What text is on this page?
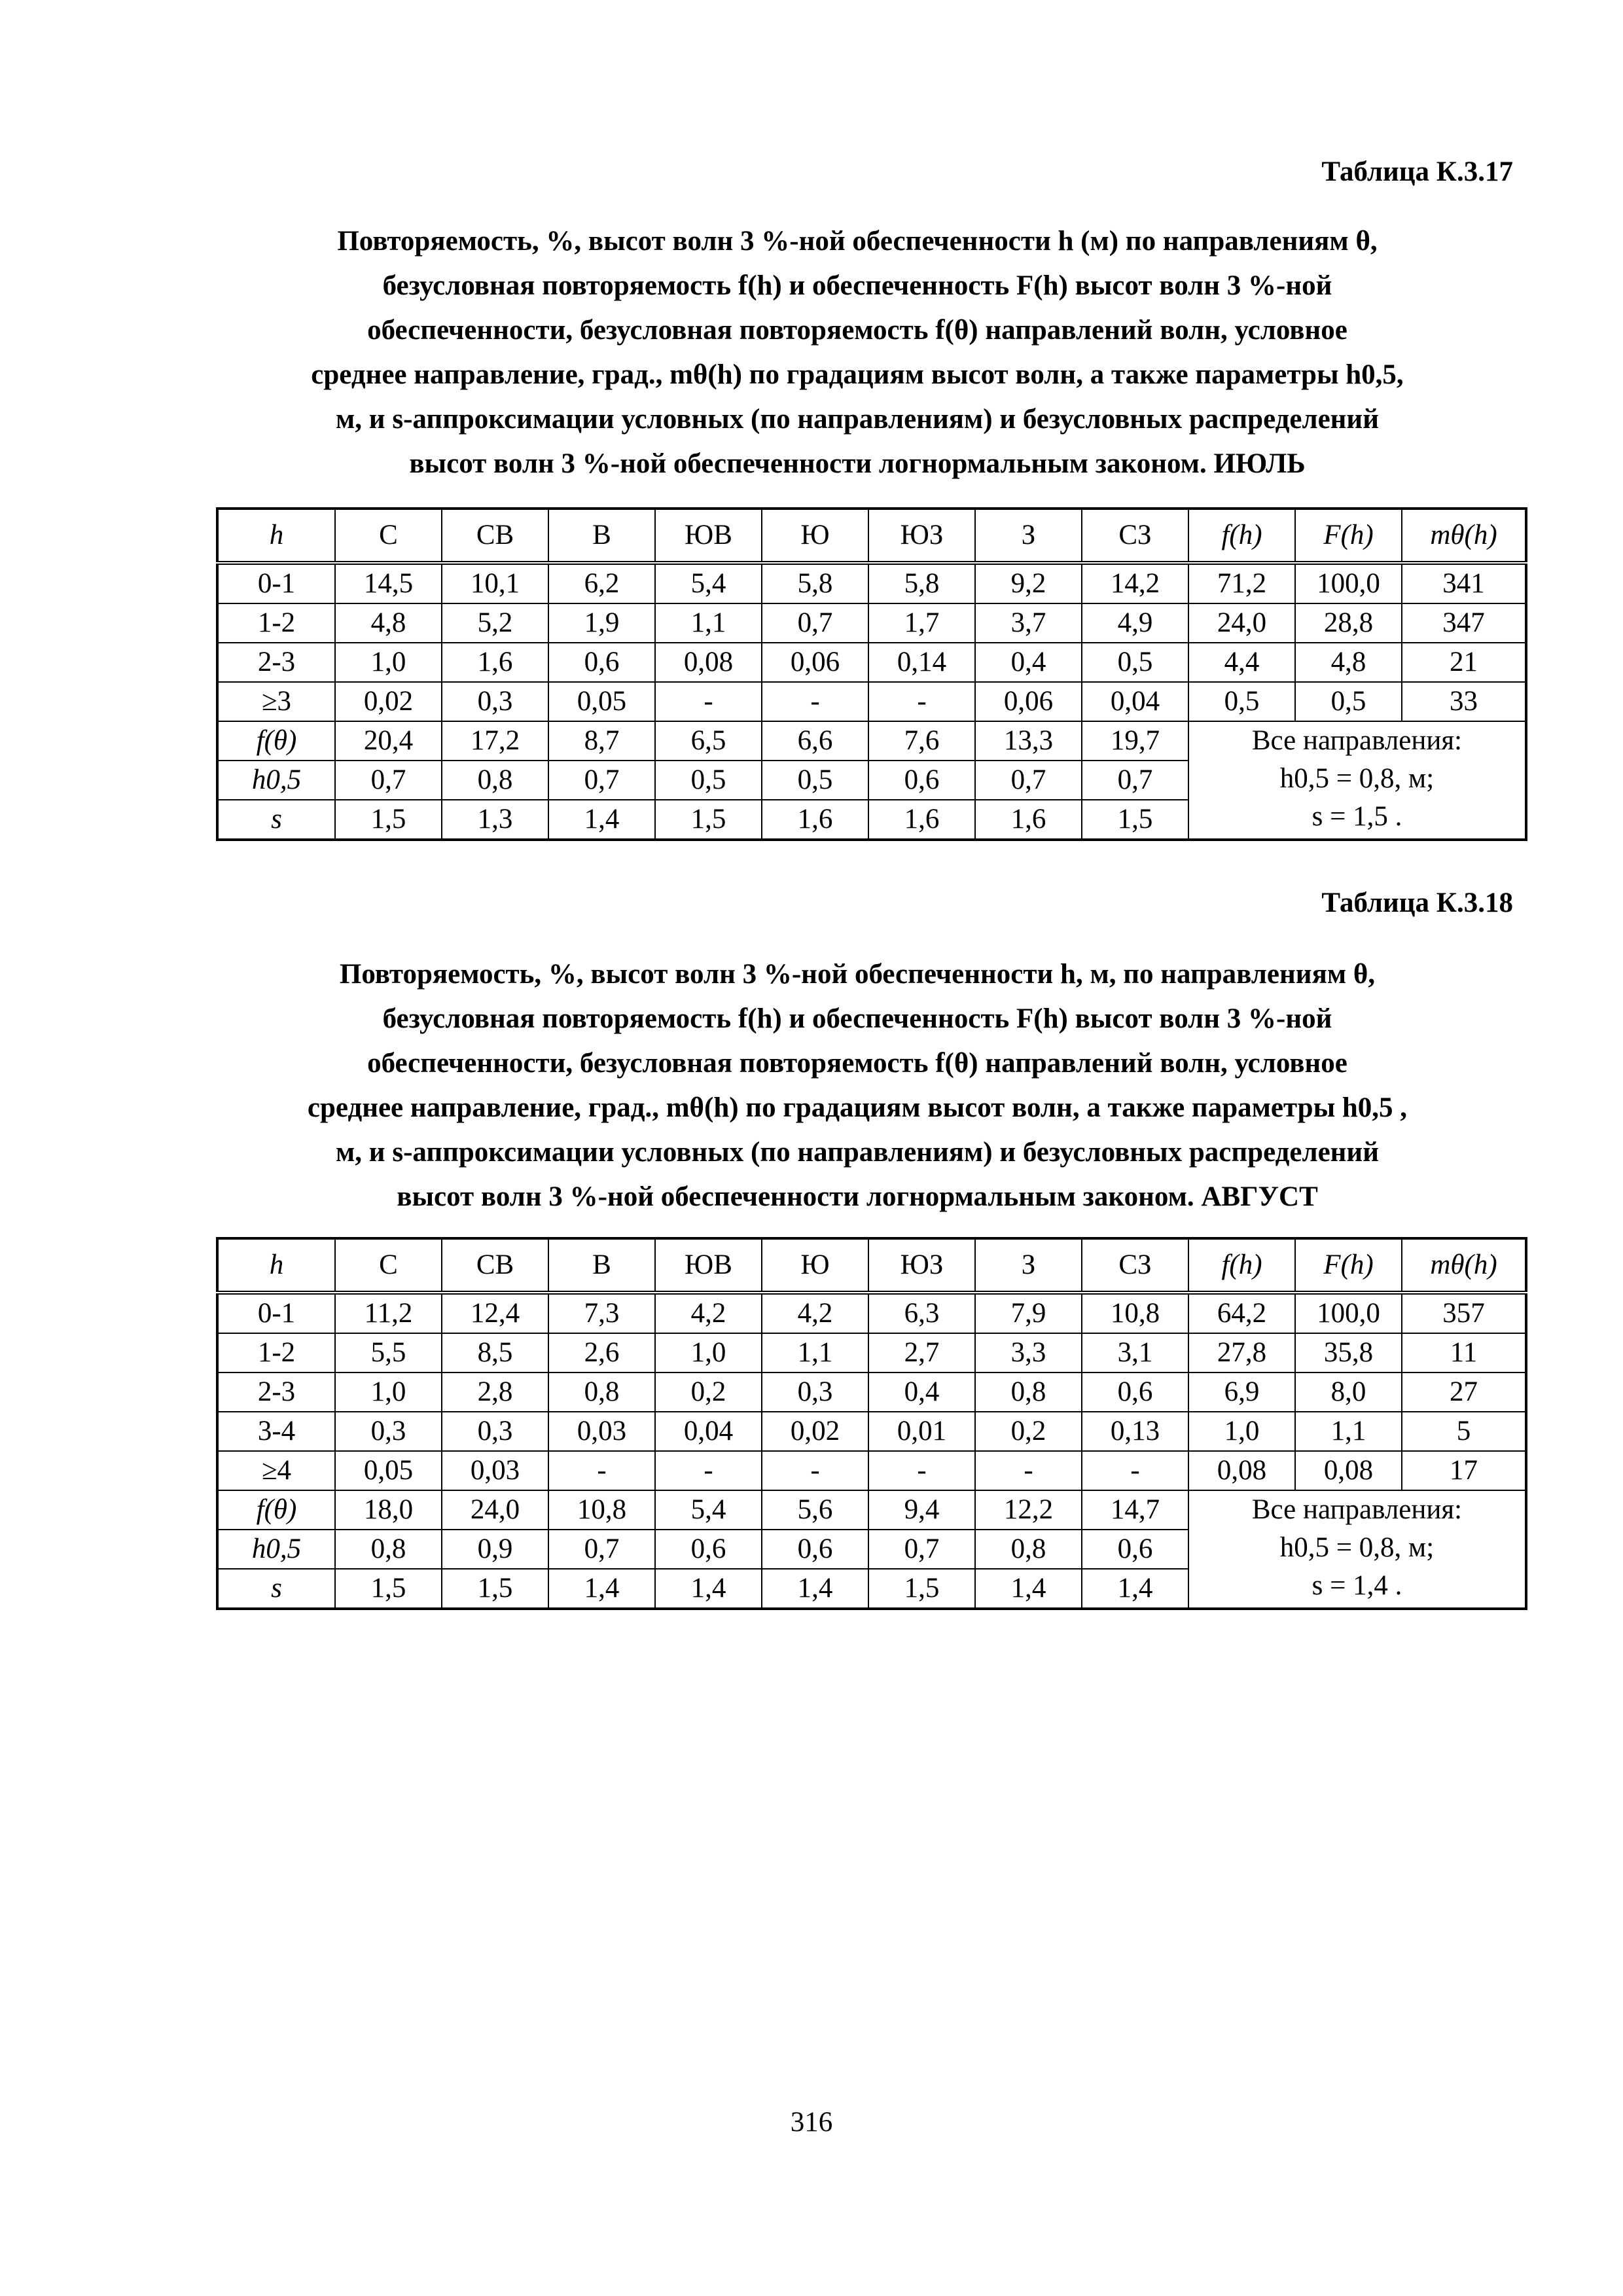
Таблица К.3.17
Повторяемость, %, высот волн 3 %-ной обеспеченности h (м) по направлениям θ,
безусловная повторяемость f(h) и обеспеченность F(h) высот волн 3 %-ной
обеспеченности, безусловная повторяемость f(θ) направлений волн, условное
среднее направление, град., mθ(h) по градациям высот волн, а также параметры h0,5,
м, и s-аппроксимации условных (по направлениям) и безусловных распределений
высот волн 3 %-ной обеспеченности логнормальным законом. ИЮЛЬ
h	С	СВ	В	ЮВ	Ю	ЮЗ	З	СЗ	f(h)	F(h)	mθ(h)
0-1	14,5	10,1	6,2	5,4	5,8	5,8	9,2	14,2	71,2	100,0	341
1-2	4,8	5,2	1,9	1,1	0,7	1,7	3,7	4,9	24,0	28,8	347
2-3	1,0	1,6	0,6	0,08	0,06	0,14	0,4	0,5	4,4	4,8	21
≥3	0,02	0,3	0,05	-	-	-	0,06	0,04	0,5	0,5	33
f(θ)	20,4	17,2	8,7	6,5	6,6	7,6	13,3	19,7	Все направления:
h0,5 = 0,8, м;
s = 1,5 .		

h0,5	0,7	0,8	0,7	0,5	0,5	0,6	0,7	0,7			
s	1,5	1,3	1,4	1,5	1,6	1,6	1,6	1,5			
Таблица К.3.18
Повторяемость, %, высот волн 3 %-ной обеспеченности h, м, по направлениям θ,
безусловная повторяемость f(h) и обеспеченность F(h) высот волн 3 %-ной
обеспеченности, безусловная повторяемость f(θ) направлений волн, условное
среднее направление, град., mθ(h) по градациям высот волн, а также параметры h0,5 ,
м, и s-аппроксимации условных (по направлениям) и безусловных распределений
высот волн 3 %-ной обеспеченности логнормальным законом. АВГУСТ
h	С	СВ	В	ЮВ	Ю	ЮЗ	З	СЗ	f(h)	F(h)	mθ(h)
0-1	11,2	12,4	7,3	4,2	4,2	6,3	7,9	10,8	64,2	100,0	357
1-2	5,5	8,5	2,6	1,0	1,1	2,7	3,3	3,1	27,8	35,8	11
2-3	1,0	2,8	0,8	0,2	0,3	0,4	0,8	0,6	6,9	8,0	27
3-4	0,3	0,3	0,03	0,04	0,02	0,01	0,2	0,13	1,0	1,1	5
≥4	0,05	0,03	-	-	-	-	-	-	0,08	0,08	17
f(θ)	18,0	24,0	10,8	5,4	5,6	9,4	12,2	14,7	Все направления:
h0,5 = 0,8, м;
s = 1,4 .		

h0,5	0,8	0,9	0,7	0,6	0,6	0,7	0,8	0,6			
s	1,5	1,5	1,4	1,4	1,4	1,5	1,4	1,4			
316
